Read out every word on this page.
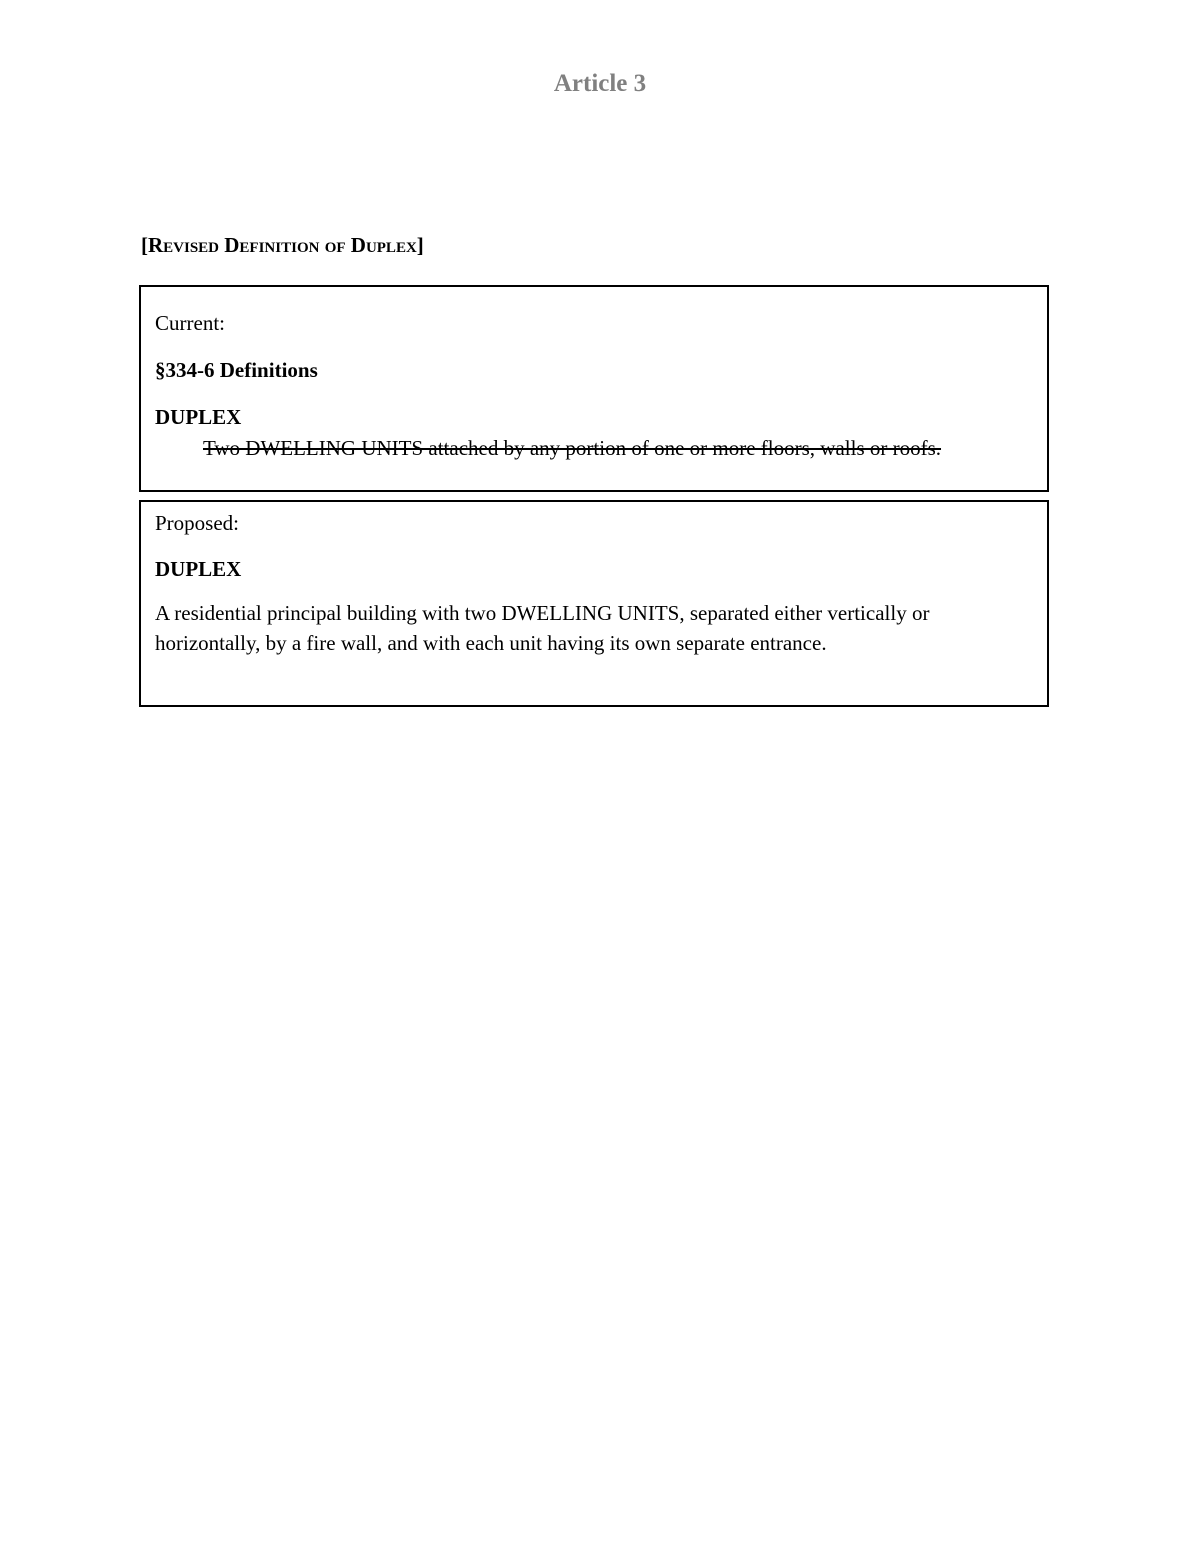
Article 3
[Revised Definition of Duplex]
Current:
§334-6 Definitions
DUPLEX
Two DWELLING UNITS attached by any portion of one or more floors, walls or roofs.
Proposed:
DUPLEX
A residential principal building with two DWELLING UNITS, separated either vertically or horizontally, by a fire wall, and with each unit having its own separate entrance.
